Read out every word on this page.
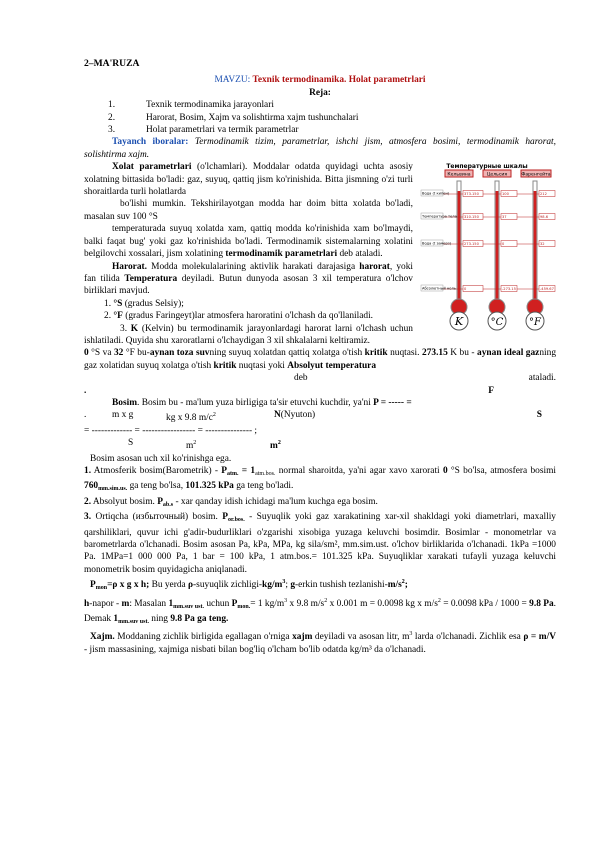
2–MA'RUZA
MAVZU: Texnik termodinamika. Holat parametrlari
Reja:
1.	Texnik termodinamika jarayonlari
2.	Harorat, Bosim, Xajm va solishtirma xajm tushunchalari
3.	Holat parametrlari va termik parametrlar

Tayanch iboralar: Termodinamik tizim, parametrlar, ishchi jism, atmosfera bosimi, termodinamik harorat, solishtirma xajm.

Температурные шкалы
Кельвина	Цельсия	Фаренгейта
Вода (t кипен)	373.150	100	212
Температура тела 310.150	37	98.6
Вода (t замерз)	273.150	0	32
Абсолютный ноль 0	-273.15	-459.67
K	°C	°F

Xolat parametrlari (o'lchamlari). Moddalar odatda quyidagi uchta asosiy xolatning bittasida bo'ladi: gaz, suyuq, qattiq jism ko'rinishida. Bitta jismning o'zi turli shoraitlarda turli holatlarda

bo'lishi mumkin. Tekshirilayotgan modda har doim bitta xolatda bo'ladi, masalan suv 100 °S

temperaturada suyuq xolatda xam, qattiq modda ko'rinishida xam bo'lmaydi, balki faqat bug' yoki gaz ko'rinishida bo'ladi. Termodinamik sistemalarning xolatini belgilovchi xossalari, jism xolatining termodinamik parametrlari deb ataladi.

Harorat. Modda molekulalarining aktivlik harakati darajasiga harorat, yoki fan tilida Temperatura deyiladi. Butun dunyoda asosan 3 xil temperatura o'lchov birliklari mavjud.

1. °S (gradus Selsiy);

2. °F (gradus Faringeyt)lar atmosfera haroratini o'lchash da qo'llaniladi.

3. K (Kelvin) bu termodinamik jarayonlardagi harorat larni o'lchash uchun ishlatiladi. Quyida shu xaroratlarni o'lchaydigan 3 xil shkalalarni keltiramiz.

0 °S va 32 °F bu-aynan toza suvning suyuq xolatdan qattiq xolatga o'tish kritik nuqtasi. 273.15 K bu - aynan ideal gazning gaz xolatidan suyuq xolatga o'tish kritik nuqtasi yoki Absolyut temperatura

deb	ataladi.
.	F

Bosim. Bosim bu - ma'lum yuza birligiga ta'sir etuvchi kuchdir, ya'ni P = ----- =

.	m x g	kg x 9.8 $m/c^2$	N (Nyuton)	S
= ------------- = ----------------- = --------------- ;
S	$m^2$	$m^2$

Bosim asosan uch xil ko'rinishga ega.

1. Atmosferik bosim(Barometrik) - $P_{atm.} = 1_{atm.bos.}$ normal sharoitda, ya'ni agar xavo xarorati 0 °S bo'lsa, atmosfera bosimi $760_{mm.sim.us.}$ ga teng bo'lsa, 101.325 kPa ga teng bo'ladi.

2. Absolyut bosim. $P_{ab.s}$ - xar qanday idish ichidagi ma'lum kuchga ega bosim.

3. Ortiqcha (избыточный) bosim. $P_{or.bos.}$ - Suyuqlik yoki gaz xarakatining xar-xil shakldagi yoki diametrlari, maxalliy qarshiliklari, quvur ichi g'adir-budurliklari o'zgarishi xisobiga yuzaga keluvchi bosimdir. Bosimlar - monometrlar va barometrlarda o'lchanadi. Bosim asosan Pa, kPa, MPa, kg sila/sm², mm.sim.ust. o'lchov birliklarida o'lchanadi. 1kPa =1000 Pa. 1MPa=1 000 000 Pa, 1 bar = 100 kPa, 1 atm.bos.= 101.325 kPa. Suyuqliklar xarakati tufayli yuzaga keluvchi monometrik bosim quyidagicha aniqlanadi.

$P_{mon}=\rho$ x g x h; Bu yerda ρ-suyuqlik zichligi-$kg/m^3$; g-erkin tushish tezlanishi-$m/s^2$;

h-napor - m: Masalan $1_{mm.suv ust.}$ uchun $P_{mon.}= 1$ $kg/m^3$ x 9.8 $m/s^2$ x 0.001 m = 0.0098 kg x $m/s^2 = 0.0098$ kPa / 1000 = 9.8 Pa. Demak $1_{mm.suv ust.}$ ning 9.8 Pa ga teng.

Xajm. Moddaning zichlik birligida egallagan o'rniga xajm deyiladi va asosan litr, $m^3$ larda o'lchanadi. Zichlik esa ρ = m/V - jism massasining, xajmiga nisbati bilan bog'liq o'lcham bo'lib odatda kg/m³ da o'lchanadi.
